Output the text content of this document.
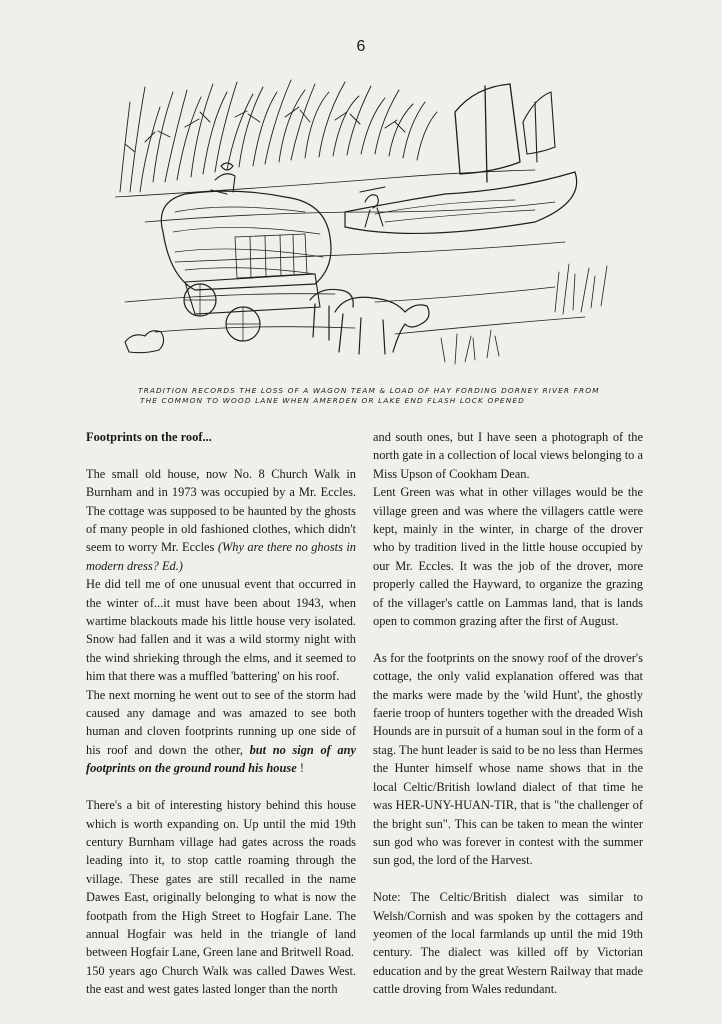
6
TRADITION RECORDS THE LOSS OF A WAGON TEAM & LOAD OF HAY FORDING DORNEY RIVER FROM
THE COMMON TO WOOD LANE WHEN AMERDEN OR LAKE END FLASH LOCK OPENED

Footprints on the roof...

The small old house, now No. 8 Church Walk in Burnham and in 1973 was occupied by a Mr. Eccles. The cottage was supposed to be haunted by the ghosts of many people in old fashioned clothes, which didn't seem to worry Mr. Eccles (Why are there no ghosts in modern dress? Ed.)

He did tell me of one unusual event that occurred in the winter of...it must have been about 1943, when wartime blackouts made his little house very isolated. Snow had fallen and it was a wild stormy night with the wind shrieking through the elms, and it seemed to him that there was a muffled 'battering' on his roof.

The next morning he went out to see of the storm had caused any damage and was amazed to see both human and cloven footprints running up one side of his roof and down the other, but no sign of any footprints on the ground round his house !

There's a bit of interesting history behind this house which is worth expanding on. Up until the mid 19th century Burnham village had gates across the roads leading into it, to stop cattle roaming through the village. These gates are still recalled in the name Dawes East, originally belonging to what is now the footpath from the High Street to Hogfair Lane. The annual Hogfair was held in the triangle of land between Hogfair Lane, Green lane and Britwell Road.

150 years ago Church Walk was called Dawes West. the east and west gates lasted longer than the north

and south ones, but I have seen a photograph of the north gate in a collection of local views belonging to a Miss Upson of Cookham Dean.

Lent Green was what in other villages would be the village green and was where the villagers cattle were kept, mainly in the winter, in charge of the drover who by tradition lived in the little house occupied by our Mr. Eccles. It was the job of the drover, more properly called the Hayward, to organize the grazing of the villager's cattle on Lammas land, that is lands open to common grazing after the first of August.

As for the footprints on the snowy roof of the drover's cottage, the only valid explanation offered was that the marks were made by the 'wild Hunt', the ghostly faerie troop of hunters together with the dreaded Wish Hounds are in pursuit of a human soul in the form of a stag. The hunt leader is said to be no less than Hermes the Hunter himself whose name shows that in the local Celtic/British lowland dialect of that time he was HER-UNY-HUAN-TIR, that is "the challenger of the bright sun". This can be taken to mean the winter sun god who was forever in contest with the summer sun god, the lord of the Harvest.

Note: The Celtic/British dialect was similar to Welsh/Cornish and was spoken by the cottagers and yeomen of the local farmlands up until the mid 19th century. The dialect was killed off by Victorian education and by the great Western Railway that made cattle droving from Wales redundant.
